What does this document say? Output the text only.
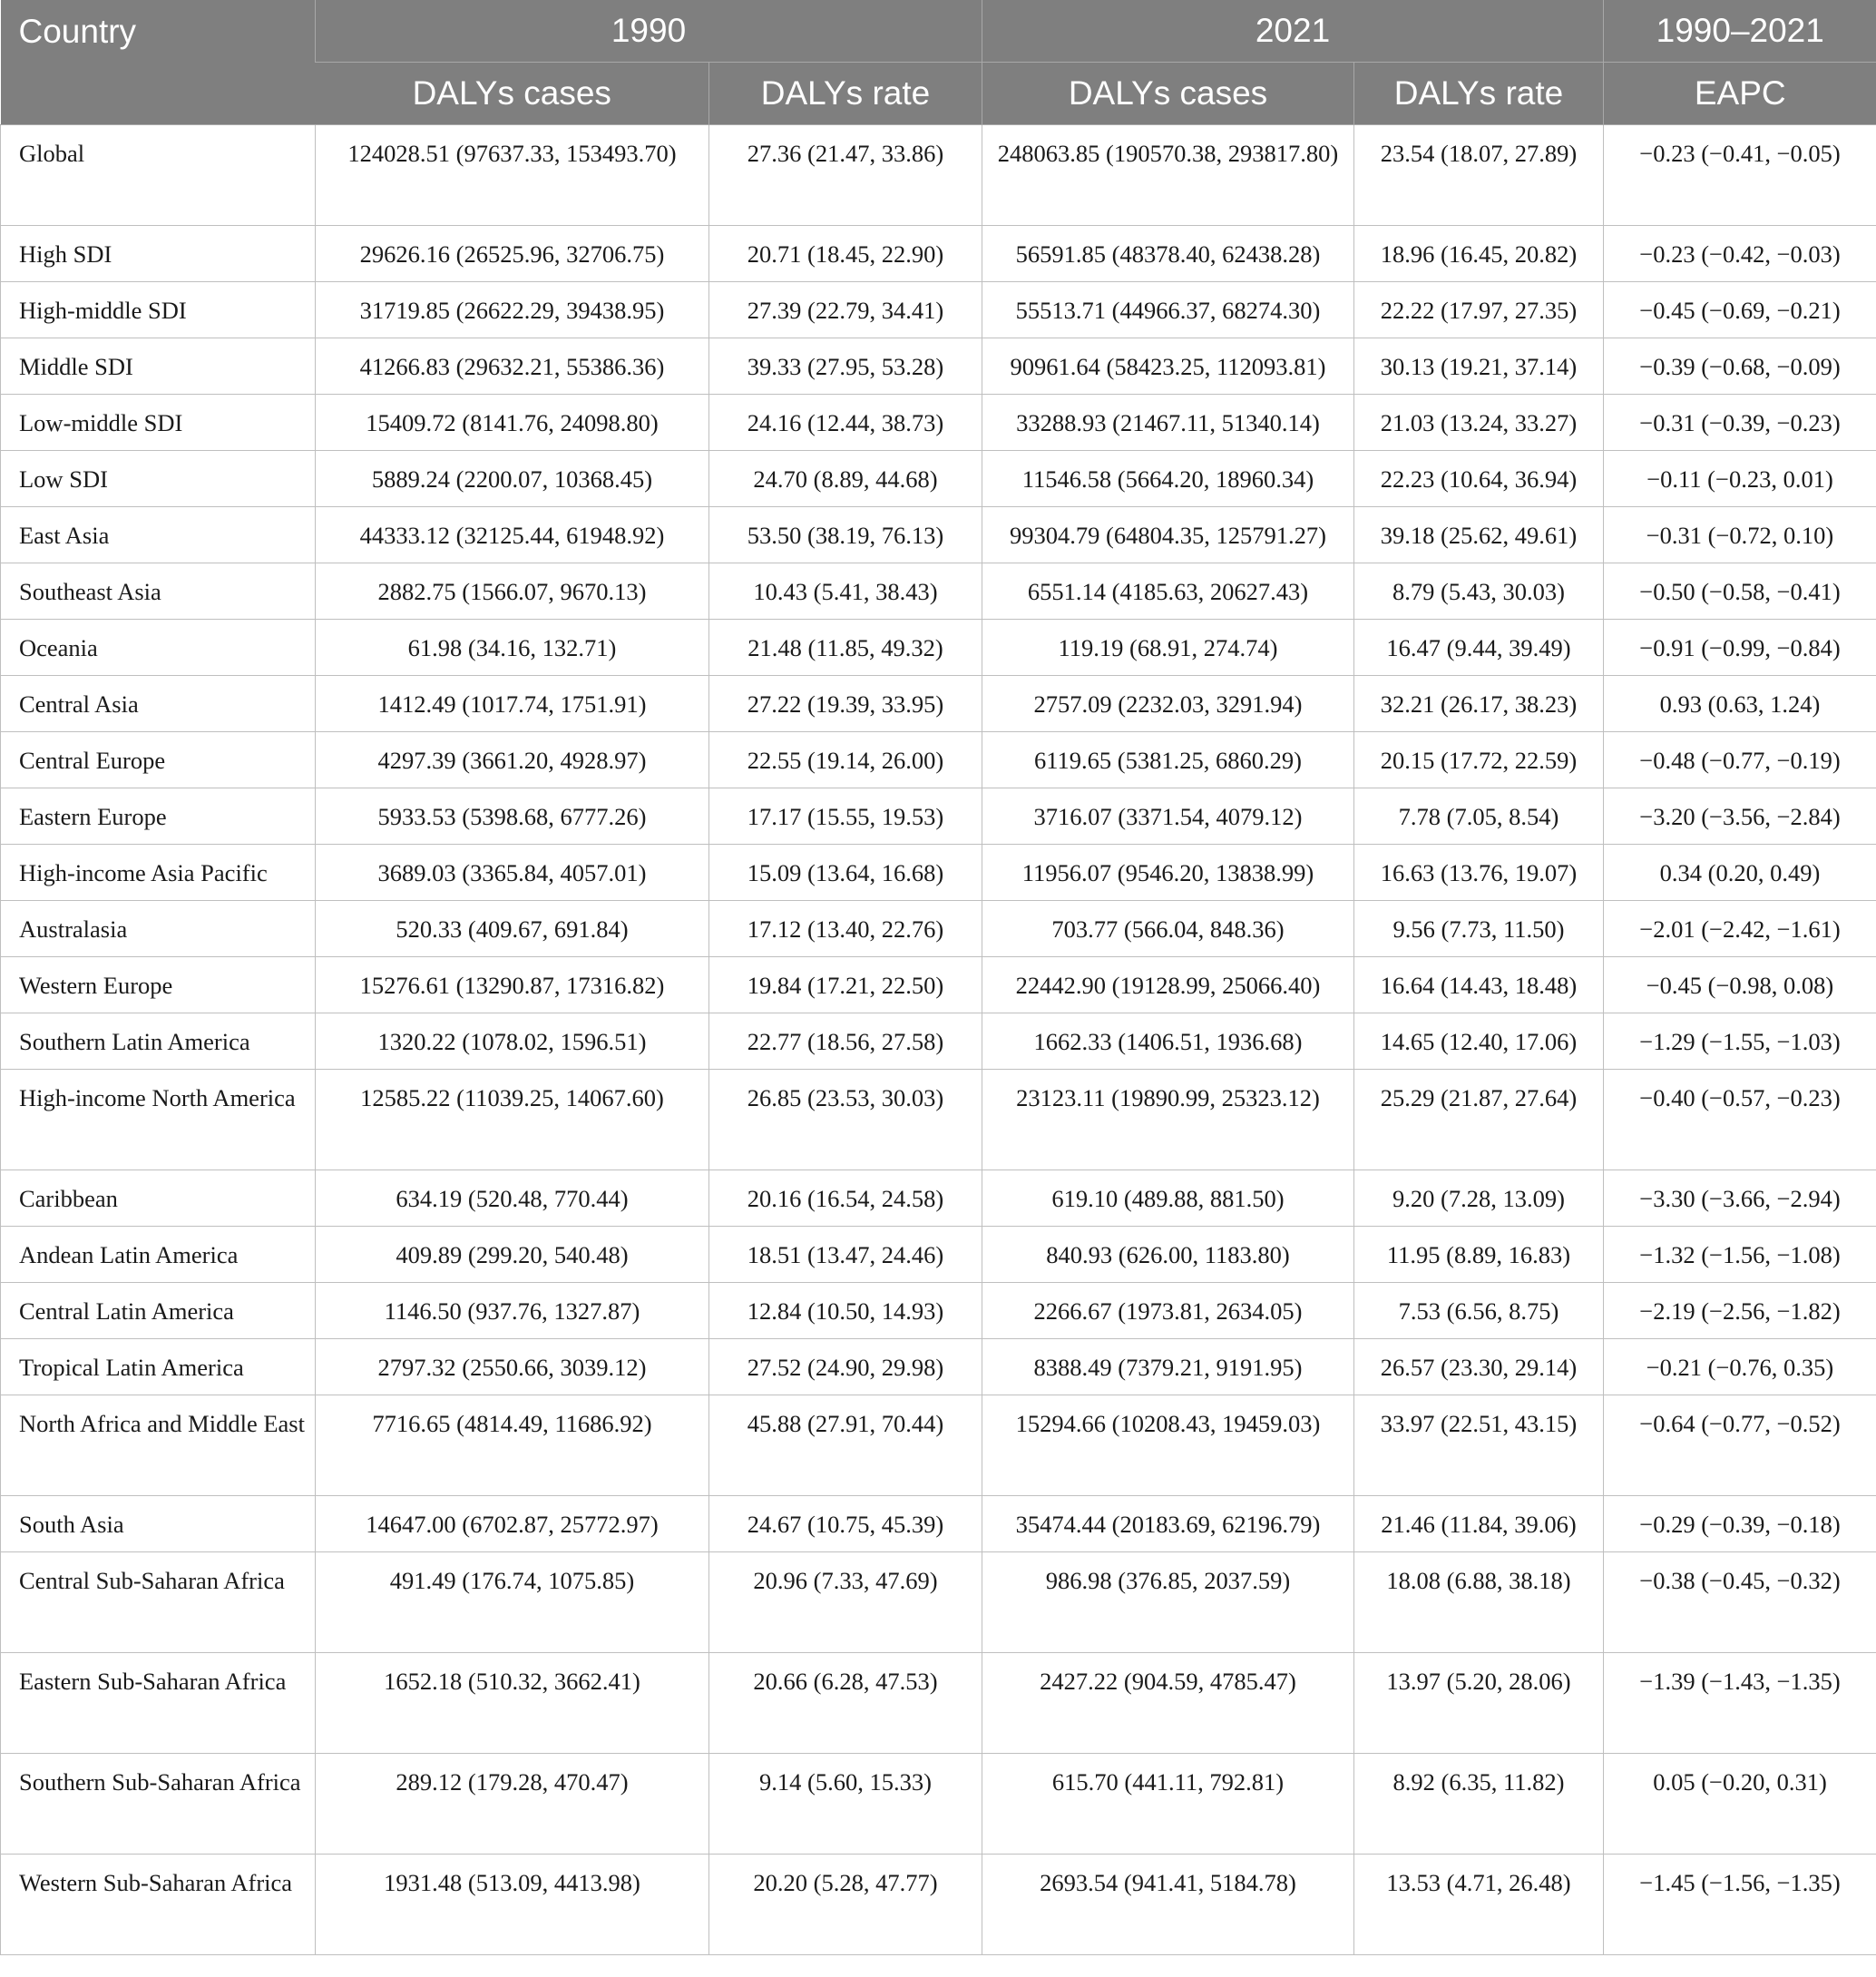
Country	1990		2021		1990–2021
	DALYs cases	DALYs rate	DALYs cases	DALYs rate	EAPC
Global	124028.51 (97637.33, 153493.70)	27.36 (21.47, 33.86)	248063.85 (190570.38, 293817.80)	23.54 (18.07, 27.89)	−0.23 (−0.41, −0.05)
High SDI	29626.16 (26525.96, 32706.75)	20.71 (18.45, 22.90)	56591.85 (48378.40, 62438.28)	18.96 (16.45, 20.82)	−0.23 (−0.42, −0.03)
High-middle SDI	31719.85 (26622.29, 39438.95)	27.39 (22.79, 34.41)	55513.71 (44966.37, 68274.30)	22.22 (17.97, 27.35)	−0.45 (−0.69, −0.21)
Middle SDI	41266.83 (29632.21, 55386.36)	39.33 (27.95, 53.28)	90961.64 (58423.25, 112093.81)	30.13 (19.21, 37.14)	−0.39 (−0.68, −0.09)
Low-middle SDI	15409.72 (8141.76, 24098.80)	24.16 (12.44, 38.73)	33288.93 (21467.11, 51340.14)	21.03 (13.24, 33.27)	−0.31 (−0.39, −0.23)
Low SDI	5889.24 (2200.07, 10368.45)	24.70 (8.89, 44.68)	11546.58 (5664.20, 18960.34)	22.23 (10.64, 36.94)	−0.11 (−0.23, 0.01)
East Asia	44333.12 (32125.44, 61948.92)	53.50 (38.19, 76.13)	99304.79 (64804.35, 125791.27)	39.18 (25.62, 49.61)	−0.31 (−0.72, 0.10)
Southeast Asia	2882.75 (1566.07, 9670.13)	10.43 (5.41, 38.43)	6551.14 (4185.63, 20627.43)	8.79 (5.43, 30.03)	−0.50 (−0.58, −0.41)
Oceania	61.98 (34.16, 132.71)	21.48 (11.85, 49.32)	119.19 (68.91, 274.74)	16.47 (9.44, 39.49)	−0.91 (−0.99, −0.84)
Central Asia	1412.49 (1017.74, 1751.91)	27.22 (19.39, 33.95)	2757.09 (2232.03, 3291.94)	32.21 (26.17, 38.23)	0.93 (0.63, 1.24)
Central Europe	4297.39 (3661.20, 4928.97)	22.55 (19.14, 26.00)	6119.65 (5381.25, 6860.29)	20.15 (17.72, 22.59)	−0.48 (−0.77, −0.19)
Eastern Europe	5933.53 (5398.68, 6777.26)	17.17 (15.55, 19.53)	3716.07 (3371.54, 4079.12)	7.78 (7.05, 8.54)	−3.20 (−3.56, −2.84)
High-income Asia Pacific	3689.03 (3365.84, 4057.01)	15.09 (13.64, 16.68)	11956.07 (9546.20, 13838.99)	16.63 (13.76, 19.07)	0.34 (0.20, 0.49)
Australasia	520.33 (409.67, 691.84)	17.12 (13.40, 22.76)	703.77 (566.04, 848.36)	9.56 (7.73, 11.50)	−2.01 (−2.42, −1.61)
Western Europe	15276.61 (13290.87, 17316.82)	19.84 (17.21, 22.50)	22442.90 (19128.99, 25066.40)	16.64 (14.43, 18.48)	−0.45 (−0.98, 0.08)
Southern Latin America	1320.22 (1078.02, 1596.51)	22.77 (18.56, 27.58)	1662.33 (1406.51, 1936.68)	14.65 (12.40, 17.06)	−1.29 (−1.55, −1.03)
High-income North America	12585.22 (11039.25, 14067.60)	26.85 (23.53, 30.03)	23123.11 (19890.99, 25323.12)	25.29 (21.87, 27.64)	−0.40 (−0.57, −0.23)
Caribbean	634.19 (520.48, 770.44)	20.16 (16.54, 24.58)	619.10 (489.88, 881.50)	9.20 (7.28, 13.09)	−3.30 (−3.66, −2.94)
Andean Latin America	409.89 (299.20, 540.48)	18.51 (13.47, 24.46)	840.93 (626.00, 1183.80)	11.95 (8.89, 16.83)	−1.32 (−1.56, −1.08)
Central Latin America	1146.50 (937.76, 1327.87)	12.84 (10.50, 14.93)	2266.67 (1973.81, 2634.05)	7.53 (6.56, 8.75)	−2.19 (−2.56, −1.82)
Tropical Latin America	2797.32 (2550.66, 3039.12)	27.52 (24.90, 29.98)	8388.49 (7379.21, 9191.95)	26.57 (23.30, 29.14)	−0.21 (−0.76, 0.35)
North Africa and Middle East	7716.65 (4814.49, 11686.92)	45.88 (27.91, 70.44)	15294.66 (10208.43, 19459.03)	33.97 (22.51, 43.15)	−0.64 (−0.77, −0.52)
South Asia	14647.00 (6702.87, 25772.97)	24.67 (10.75, 45.39)	35474.44 (20183.69, 62196.79)	21.46 (11.84, 39.06)	−0.29 (−0.39, −0.18)
Central Sub-Saharan Africa	491.49 (176.74, 1075.85)	20.96 (7.33, 47.69)	986.98 (376.85, 2037.59)	18.08 (6.88, 38.18)	−0.38 (−0.45, −0.32)
Eastern Sub-Saharan Africa	1652.18 (510.32, 3662.41)	20.66 (6.28, 47.53)	2427.22 (904.59, 4785.47)	13.97 (5.20, 28.06)	−1.39 (−1.43, −1.35)
Southern Sub-Saharan Africa	289.12 (179.28, 470.47)	9.14 (5.60, 15.33)	615.70 (441.11, 792.81)	8.92 (6.35, 11.82)	0.05 (−0.20, 0.31)
Western Sub-Saharan Africa	1931.48 (513.09, 4413.98)	20.20 (5.28, 47.77)	2693.54 (941.41, 5184.78)	13.53 (4.71, 26.48)	−1.45 (−1.56, −1.35)
